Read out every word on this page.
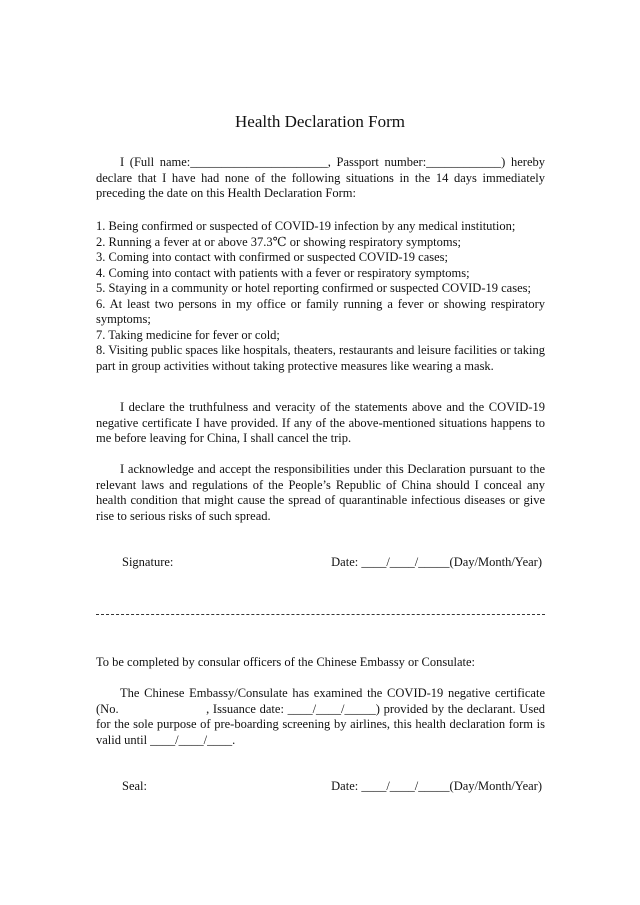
Health Declaration Form
I (Full name:______________________, Passport number:____________) hereby declare that I have had none of the following situations in the 14 days immediately preceding the date on this Health Declaration Form:
1. Being confirmed or suspected of COVID-19 infection by any medical institution;
2. Running a fever at or above 37.3℃ or showing respiratory symptoms;
3. Coming into contact with confirmed or suspected COVID-19 cases;
4. Coming into contact with patients with a fever or respiratory symptoms;
5. Staying in a community or hotel reporting confirmed or suspected COVID-19 cases;
6. At least two persons in my office or family running a fever or showing respiratory symptoms;
7. Taking medicine for fever or cold;
8. Visiting public spaces like hospitals, theaters, restaurants and leisure facilities or taking part in group activities without taking protective measures like wearing a mask.
I declare the truthfulness and veracity of the statements above and the COVID-19 negative certificate I have provided. If any of the above-mentioned situations happens to me before leaving for China, I shall cancel the trip.
I acknowledge and accept the responsibilities under this Declaration pursuant to the relevant laws and regulations of the People’s Republic of China should I conceal any health condition that might cause the spread of quarantinable infectious diseases or give rise to serious risks of such spread.
Signature:	Date: ____/____/_____(Day/Month/Year)
To be completed by consular officers of the Chinese Embassy or Consulate:
The Chinese Embassy/Consulate has examined the COVID-19 negative certificate (No.                        , Issuance date: ____/____/_____) provided by the declarant. Used for the sole purpose of pre-boarding screening by airlines, this health declaration form is valid until ____/____/____.
Seal:	Date: ____/____/_____(Day/Month/Year)
